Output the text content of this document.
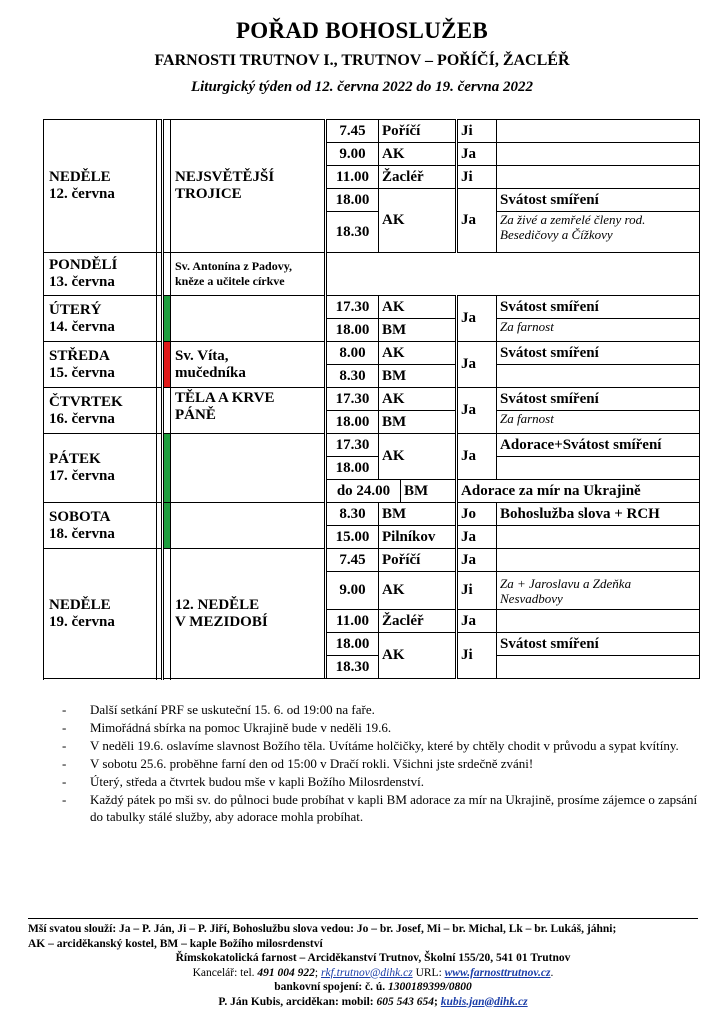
POŘAD BOHOSLUŽEB
FARNOSTI TRUTNOV I., TRUTNOV – POŘÍČÍ, ŽACLÉŘ
Liturgický týden od 12. června 2022 do 19. června 2022
NEDĚLE
12. června			NEJSVĚTĚJŠÍ
TROJICE	7.45	Poříčí		Ji	
				9.00	AK		Ja	
				11.00	Žacléř		Ji	
				18.00	AK		Ja	Svátost smíření
				18.30				Za živé a zemřelé členy rod. Besedičovy a Čížkovy

PONDĚLÍ
13. června			Sv. Antonína z Padovy, kněze a učitele církve					
ÚTERÝ
14. června				17.30	AK		Ja	Svátost smíření
				18.00	BM			Za farnost
STŘEDA
15. června			Sv. Víta,
mučedníka	8.00	AK		Ja	Svátost smíření
				8.30	BM			
ČTVRTEK
16. června			TĚLA A KRVE
PÁNĚ	17.30	AK		Ja	Svátost smíření
				18.00	BM			Za farnost
PÁTEK
17. června				17.30	AK		Ja	Adorace+Svátost smíření
				18.00				
				do 24.00		BM	Adorace za mír na Ukrajině	
SOBOTA
18. června				8.30	BM		Jo	Bohoslužba slova + RCH
				15.00	Pilníkov		Ja	
NEDĚLE
19. června			12. NEDĚLE
V MEZIDOBÍ	7.45	Poříčí		Ja	
				9.00	AK		Ji	Za + Jaroslavu a Zdeňka Nesvadbovy
				11.00	Žacléř		Ja	
				18.00	AK		Ji	Svátost smíření
				18.30				

- Další setkání PRF se uskuteční 15. 6. od 19:00 na faře.
- Mimořádná sbírka na pomoc Ukrajině bude v neděli 19.6.
- V neděli 19.6. oslavíme slavnost Božího těla. Uvítáme holčičky, které by chtěly chodit v průvodu a sypat kvítíny.
- V sobotu 25.6. proběhne farní den od 15:00 v Dračí rokli. Všichni jste srdečně zváni!
- Úterý, středa a čtvrtek budou mše v kapli Božího Milosrdenství.
- Každý pátek po mši sv. do půlnoci bude probíhat v kapli BM adorace za mír na Ukrajině, prosíme zájemce o zapsání do tabulky stálé služby, aby adorace mohla probíhat.
Mší svatou slouží: Ja – P. Ján, Ji – P. Jiří, Bohoslužbu slova vedou: Jo – br. Josef, Mi – br. Michal, Lk – br. Lukáš, jáhni;
AK – arciděkanský kostel, BM – kaple Božího milosrdenství
Římskokatolická farnost – Arciděkanství Trutnov, Školní 155/20, 541 01 Trutnov
Kancelář: tel. 491 004 922; rkf.trutnov@dihk.cz URL: www.farnosttrutnov.cz.
bankovní spojení: č. ú. 1300189399/0800
P. Ján Kubis, arciděkan: mobil: 605 543 654; kubis.jan@dihk.cz
